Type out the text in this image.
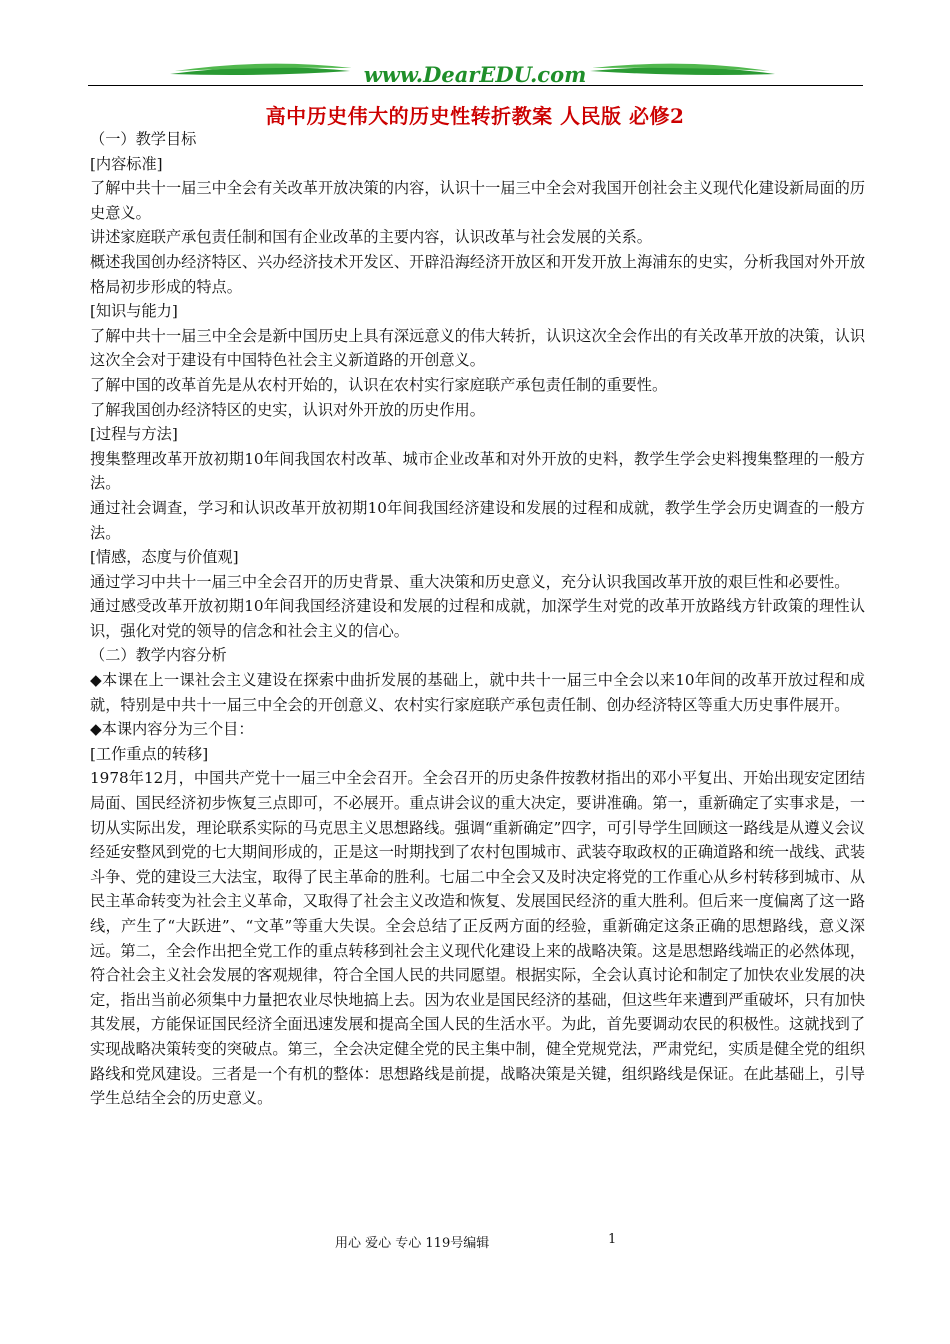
www.DearEDU.com
高中历史伟大的历史性转折教案 人民版 必修2

（一）教学目标

[内容标准]

了解中共十一届三中全会有关改革开放决策的内容，认识十一届三中全会对我国开创社会主义现代化建设新局面的历史意义。

讲述家庭联产承包责任制和国有企业改革的主要内容，认识改革与社会发展的关系。

概述我国创办经济特区、兴办经济技术开发区、开辟沿海经济开放区和开发开放上海浦东的史实，分析我国对外开放格局初步形成的特点。

[知识与能力]

了解中共十一届三中全会是新中国历史上具有深远意义的伟大转折，认识这次全会作出的有关改革开放的决策，认识这次全会对于建设有中国特色社会主义新道路的开创意义。

了解中国的改革首先是从农村开始的，认识在农村实行家庭联产承包责任制的重要性。

了解我国创办经济特区的史实，认识对外开放的历史作用。

[过程与方法]

搜集整理改革开放初期10年间我国农村改革、城市企业改革和对外开放的史料，教学生学会史料搜集整理的一般方法。

通过社会调查，学习和认识改革开放初期10年间我国经济建设和发展的过程和成就，教学生学会历史调查的一般方法。

[情感，态度与价值观]

通过学习中共十一届三中全会召开的历史背景、重大决策和历史意义，充分认识我国改革开放的艰巨性和必要性。

通过感受改革开放初期10年间我国经济建设和发展的过程和成就，加深学生对党的改革开放路线方针政策的理性认识，强化对党的领导的信念和社会主义的信心。

（二）教学内容分析

◆本课在上一课社会主义建设在探索中曲折发展的基础上，就中共十一届三中全会以来10年间的改革开放过程和成就，特别是中共十一届三中全会的开创意义、农村实行家庭联产承包责任制、创办经济特区等重大历史事件展开。

◆本课内容分为三个目：

[工作重点的转移]

1978年12月，中国共产党十一届三中全会召开。全会召开的历史条件按教材指出的邓小平复出、开始出现安定团结局面、国民经济初步恢复三点即可，不必展开。重点讲会议的重大决定，要讲准确。第一，重新确定了实事求是，一切从实际出发，理论联系实际的马克思主义思想路线。强调“重新确定”四字，可引导学生回顾这一路线是从遵义会议经延安整风到党的七大期间形成的，正是这一时期找到了农村包围城市、武装夺取政权的正确道路和统一战线、武装斗争、党的建设三大法宝，取得了民主革命的胜利。七届二中全会又及时决定将党的工作重心从乡村转移到城市、从民主革命转变为社会主义革命，又取得了社会主义改造和恢复、发展国民经济的重大胜利。但后来一度偏离了这一路线，产生了“大跃进”、“文革”等重大失误。全会总结了正反两方面的经验，重新确定这条正确的思想路线，意义深远。第二，全会作出把全党工作的重点转移到社会主义现代化建设上来的战略决策。这是思想路线端正的必然体现，符合社会主义社会发展的客观规律，符合全国人民的共同愿望。根据实际，全会认真讨论和制定了加快农业发展的决定，指出当前必须集中力量把农业尽快地搞上去。因为农业是国民经济的基础，但这些年来遭到严重破坏，只有加快其发展，方能保证国民经济全面迅速发展和提高全国人民的生活水平。为此，首先要调动农民的积极性。这就找到了实现战略决策转变的突破点。第三，全会决定健全党的民主集中制，健全党规党法，严肃党纪，实质是健全党的组织路线和党风建设。三者是一个有机的整体：思想路线是前提，战略决策是关键，组织路线是保证。在此基础上，引导学生总结全会的历史意义。

用心 爱心 专心 119号编辑	1
